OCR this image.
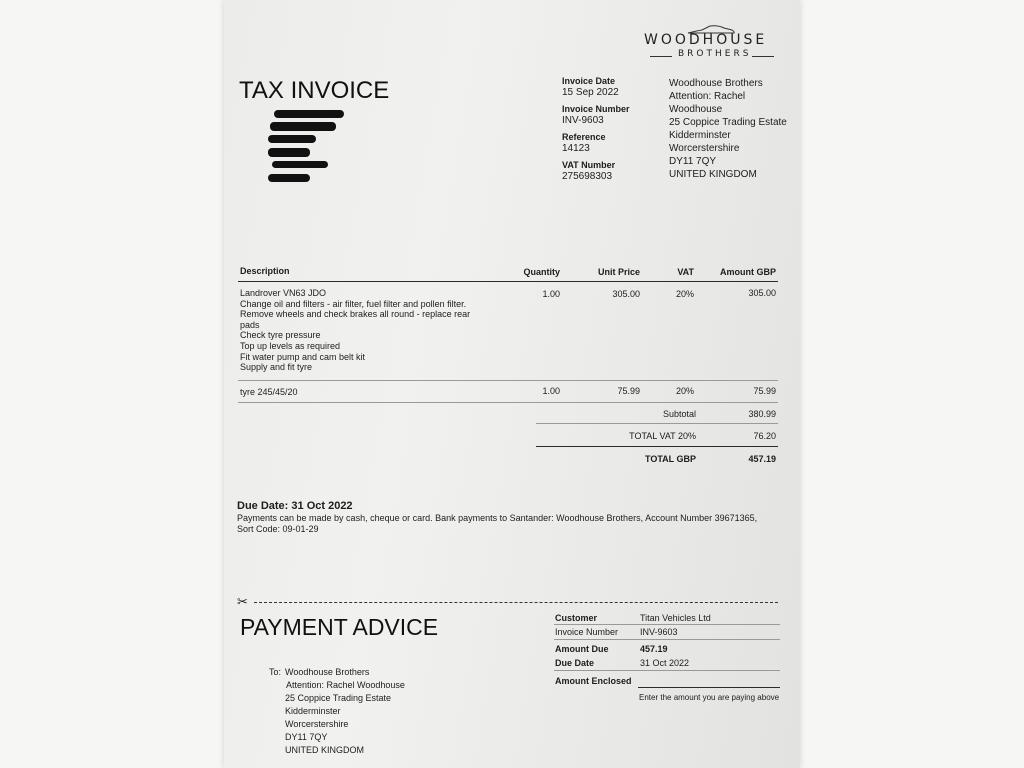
WOODHOUSE
BROTHERS
TAX INVOICE	Invoice Date
15 Sep 2022
Invoice Number
INV-9603
Reference
14123
VAT Number
275698303
Woodhouse Brothers
Attention: Rachel
Woodhouse
25 Coppice Trading Estate
Kidderminster
Worcerstershire
DY11 7QY
UNITED KINGDOM
Description	Quantity	Unit Price	VAT	Amount GBP
Landrover VN63 JDO
Change oil and filters - air filter, fuel filter and pollen filter.
Remove wheels and check brakes all round - replace rear
pads
Check tyre pressure
Top up levels as required
Fit water pump and cam belt kit
Supply and fit tyre
1.00	305.00	20%	305.00
tyre 245/45/20	1.00	75.99	20%	75.99
Subtotal	380.99
TOTAL VAT 20%	76.20
TOTAL GBP	457.19
Due Date: 31 Oct 2022
Payments can be made by cash, cheque or card. Bank payments to Santander: Woodhouse Brothers, Account Number 39671365,
Sort Code: 09-01-29
✂
PAYMENT ADVICE
To: Woodhouse Brothers
Attention: Rachel Woodhouse
25 Coppice Trading Estate
Kidderminster
Worcerstershire
DY11 7QY
UNITED KINGDOM
Customer	Titan Vehicles Ltd
Invoice Number INV-9603
Amount Due	457.19
Due Date	31 Oct 2022
Amount Enclosed
Enter the amount you are paying above
